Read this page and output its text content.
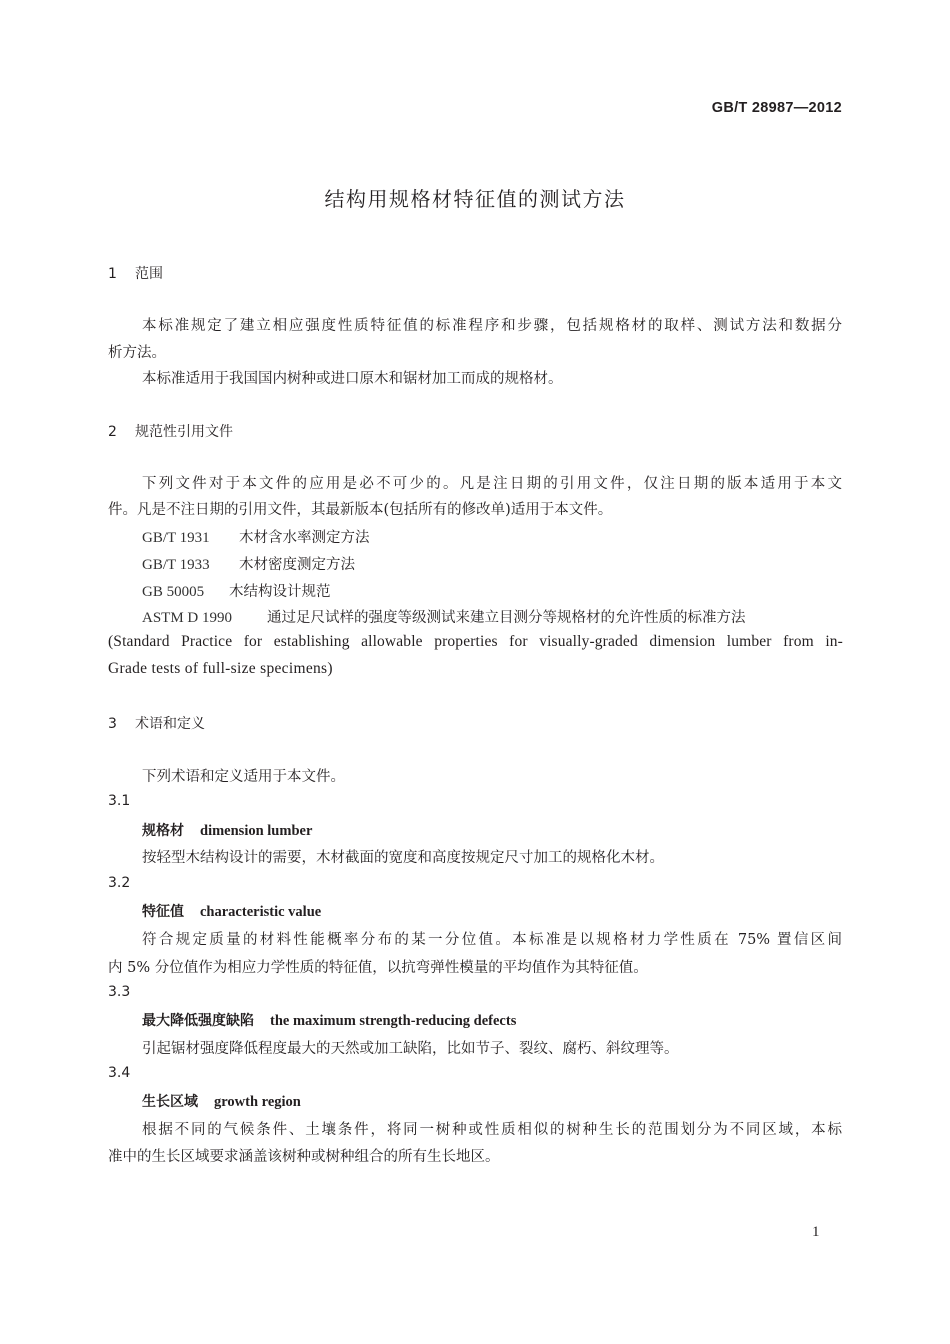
GB/T 28987—2012
结构用规格材特征值的测试方法
1 范围
本标准规定了建立相应强度性质特征值的标准程序和步骤，包括规格材的取样、测试方法和数据分
析方法。
本标准适用于我国国内树种或进口原木和锯材加工而成的规格材。
2 规范性引用文件
下列文件对于本文件的应用是必不可少的。凡是注日期的引用文件，仅注日期的版本适用于本文
件。凡是不注日期的引用文件，其最新版本(包括所有的修改单)适用于本文件。
GB/T 1931 木材含水率测定方法
GB/T 1933 木材密度测定方法
GB 50005 木结构设计规范
ASTM D 1990 通过足尺试样的强度等级测试来建立目测分等规格材的允许性质的标准方法
(Standard Practice for establishing allowable properties for visually-graded dimension lumber from in-
Grade tests of full-size specimens)
3 术语和定义
下列术语和定义适用于本文件。
3.1
规格材 dimension lumber
按轻型木结构设计的需要，木材截面的宽度和高度按规定尺寸加工的规格化木材。
3.2
特征值 characteristic value
符合规定质量的材料性能概率分布的某一分位值。本标准是以规格材力学性质在 75% 置信区间
内 5% 分位值作为相应力学性质的特征值，以抗弯弹性模量的平均值作为其特征值。
3.3
最大降低强度缺陷 the maximum strength-reducing defects
引起锯材强度降低程度最大的天然或加工缺陷，比如节子、裂纹、腐朽、斜纹理等。
3.4
生长区域 growth region
根据不同的气候条件、土壤条件，将同一树种或性质相似的树种生长的范围划分为不同区域，本标
准中的生长区域要求涵盖该树种或树种组合的所有生长地区。
1
